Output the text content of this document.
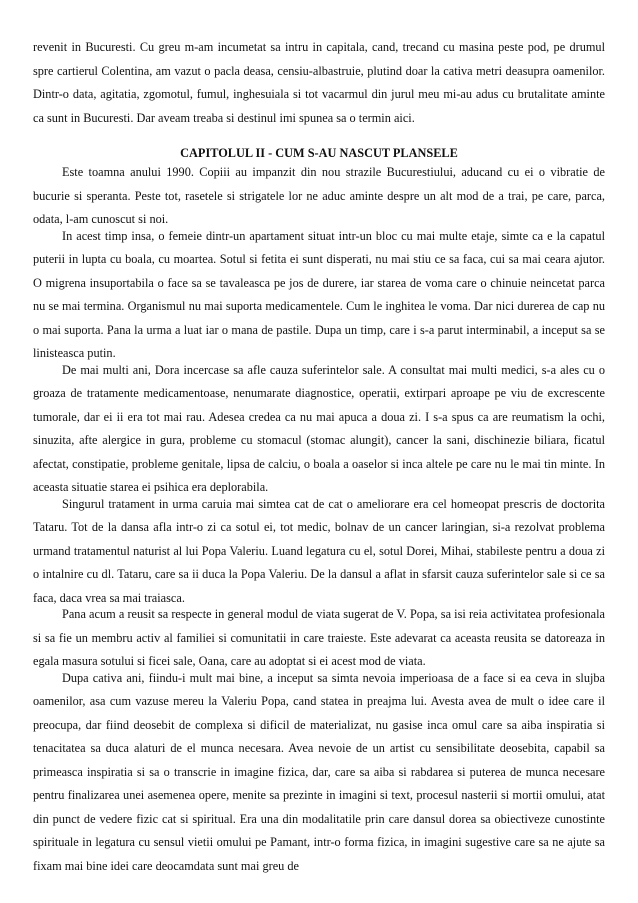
revenit in Bucuresti. Cu greu m-am incumetat sa intru in capitala, cand, trecand cu masina peste pod, pe drumul spre cartierul Colentina, am vazut o pacla deasa, censiu-albastruie, plutind doar la cativa metri deasupra oamenilor. Dintr-o data, agitatia, zgomotul, fumul, inghesuiala si tot vacarmul din jurul meu mi-au adus cu brutalitate aminte ca sunt in Bucuresti. Dar aveam treaba si destinul imi spunea sa o termin aici.

CAPITOLUL II - CUM S-AU NASCUT PLANSELE

Este toamna anului 1990. Copiii au impanzit din nou strazile Bucurestiului, aducand cu ei o vibratie de bucurie si speranta. Peste tot, rasetele si strigatele lor ne aduc aminte despre un alt mod de a trai, pe care, parca, odata, l-am cunoscut si noi.

In acest timp insa, o femeie dintr-un apartament situat intr-un bloc cu mai multe etaje, simte ca e la capatul puterii in lupta cu boala, cu moartea. Sotul si fetita ei sunt disperati, nu mai stiu ce sa faca, cui sa mai ceara ajutor. O migrena insuportabila o face sa se tavaleasca pe jos de durere, iar starea de voma care o chinuie neincetat parca nu se mai termina. Organismul nu mai suporta medicamentele. Cum le inghitea le voma. Dar nici durerea de cap nu o mai suporta. Pana la urma a luat iar o mana de pastile. Dupa un timp, care i s-a parut interminabil, a inceput sa se linisteasca putin.

De mai multi ani, Dora incercase sa afle cauza suferintelor sale. A consultat mai multi medici, s-a ales cu o groaza de tratamente medicamentoase, nenumarate diagnostice, operatii, extirpari aproape pe viu de excrescente tumorale, dar ei ii era tot mai rau. Adesea credea ca nu mai apuca a doua zi. I s-a spus ca are reumatism la ochi, sinuzita, afte alergice in gura, probleme cu stomacul (stomac alungit), cancer la sani, dischinezie biliara, ficatul afectat, constipatie, probleme genitale, lipsa de calciu, o boala a oaselor si inca altele pe care nu le mai tin minte. In aceasta situatie starea ei psihica era deplorabila.

Singurul tratament in urma caruia mai simtea cat de cat o ameliorare era cel homeopat prescris de doctorita Tataru. Tot de la dansa afla intr-o zi ca sotul ei, tot medic, bolnav de un cancer laringian, si-a rezolvat problema urmand tratamentul naturist al lui Popa Valeriu. Luand legatura cu el, sotul Dorei, Mihai, stabileste pentru a doua zi o intalnire cu dl. Tataru, care sa ii duca la Popa Valeriu. De la dansul a aflat in sfarsit cauza suferintelor sale si ce sa faca, daca vrea sa mai traiasca.

Pana acum a reusit sa respecte in general modul de viata sugerat de V. Popa, sa isi reia activitatea profesionala si sa fie un membru activ al familiei si comunitatii in care traieste. Este adevarat ca aceasta reusita se datoreaza in egala masura sotului si ficei sale, Oana, care au adoptat si ei acest mod de viata.

Dupa cativa ani, fiindu-i mult mai bine, a inceput sa simta nevoia imperioasa de a face si ea ceva in slujba oamenilor, asa cum vazuse mereu la Valeriu Popa, cand statea in preajma lui. Avesta avea de mult o idee care il preocupa, dar fiind deosebit de complexa si dificil de materializat, nu gasise inca omul care sa aiba inspiratia si tenacitatea sa duca alaturi de el munca necesara. Avea nevoie de un artist cu sensibilitate deosebita, capabil sa primeasca inspiratia si sa o transcrie in imagine fizica, dar, care sa aiba si rabdarea si puterea de munca necesare pentru finalizarea unei asemenea opere, menite sa prezinte in imagini si text, procesul nasterii si mortii omului, atat din punct de vedere fizic cat si spiritual. Era una din modalitatile prin care dansul dorea sa obiectiveze cunostinte spirituale in legatura cu sensul vietii omului pe Pamant, intr-o forma fizica, in imagini sugestive care sa ne ajute sa fixam mai bine idei care deocamdata sunt mai greu de
